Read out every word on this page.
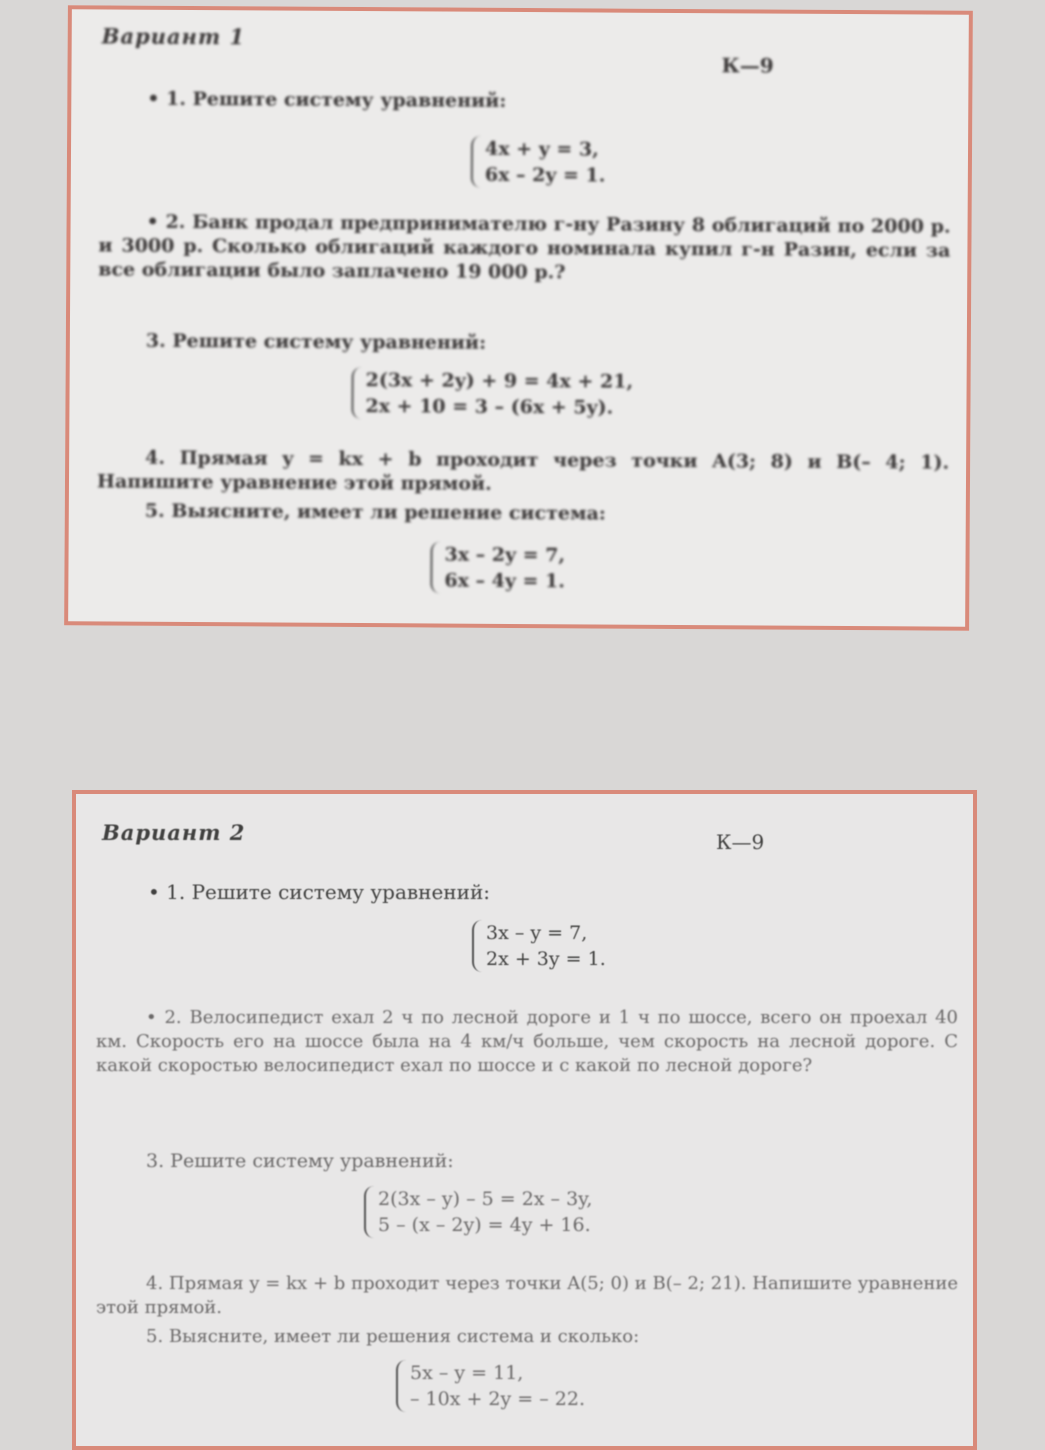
Вариант 1
К—9
• 1. Решите систему уравнений:
4x + y = 3,
6x – 2y = 1.
• 2. Банк продал предпринимателю г-ну Разину 8 облигаций по 2000 р. и 3000 р. Сколько облигаций каждого номинала купил г-н Разин, если за все облигации было заплачено 19 000 р.?
3. Решите систему уравнений:
2(3x + 2y) + 9 = 4x + 21,
2x + 10 = 3 – (6x + 5y).
4. Прямая y = kx + b проходит через точки A(3; 8) и B(– 4; 1). Напишите уравнение этой прямой.
5. Выясните, имеет ли решение система:
3x – 2y = 7,
6x – 4y = 1.
Вариант 2	К—9
• 1. Решите систему уравнений:
3x – y = 7,
2x + 3y = 1.
• 2. Велосипедист ехал 2 ч по лесной дороге и 1 ч по шоссе, всего он проехал 40 км. Скорость его на шоссе была на 4 км/ч больше, чем скорость на лесной дороге. С какой скоростью велосипедист ехал по шоссе и с какой по лесной дороге?
3. Решите систему уравнений:
2(3x – y) – 5 = 2x – 3y,
5 – (x – 2y) = 4y + 16.
4. Прямая y = kx + b проходит через точки A(5; 0) и B(– 2; 21). Напишите уравнение этой прямой.
5. Выясните, имеет ли решения система и сколько:
5x – y = 11,
– 10x + 2y = – 22.
